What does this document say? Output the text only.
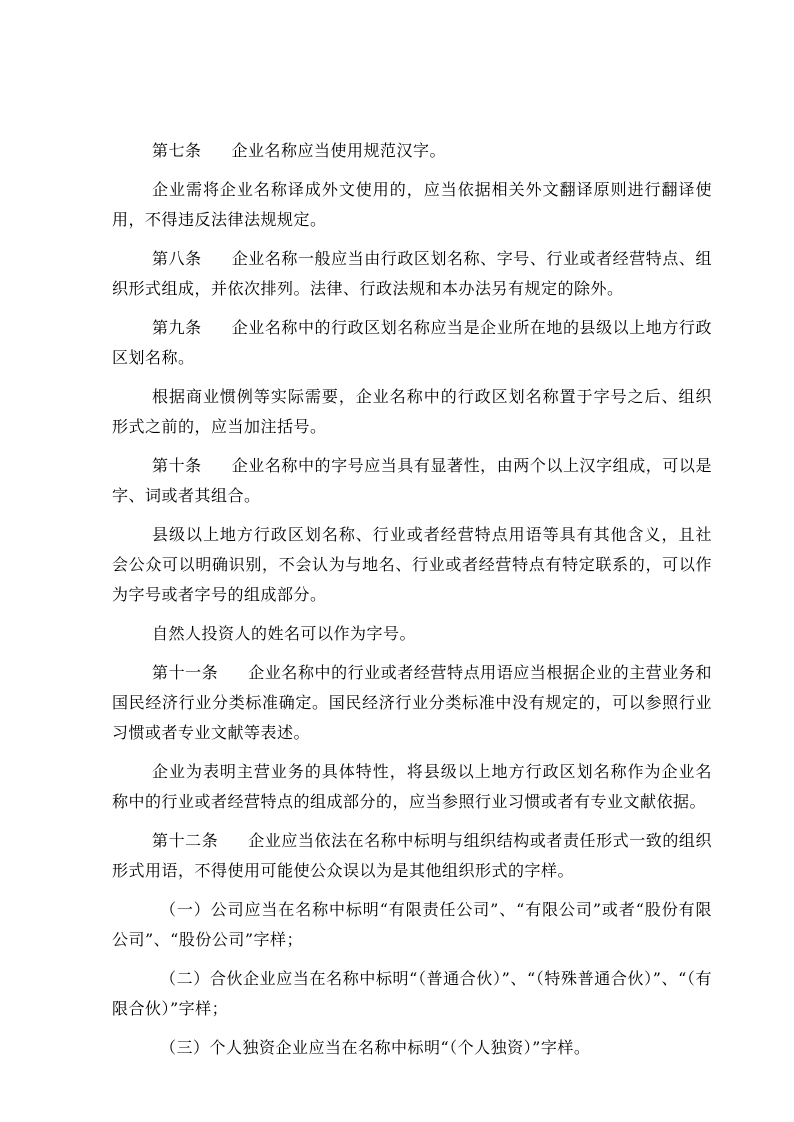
第七条 企业名称应当使用规范汉字。

企业需将企业名称译成外文使用的，应当依据相关外文翻译原则进行翻译使用，不得违反法律法规规定。

第八条 企业名称一般应当由行政区划名称、字号、行业或者经营特点、组织形式组成，并依次排列。法律、行政法规和本办法另有规定的除外。

第九条 企业名称中的行政区划名称应当是企业所在地的县级以上地方行政区划名称。

根据商业惯例等实际需要，企业名称中的行政区划名称置于字号之后、组织形式之前的，应当加注括号。

第十条 企业名称中的字号应当具有显著性，由两个以上汉字组成，可以是字、词或者其组合。

县级以上地方行政区划名称、行业或者经营特点用语等具有其他含义，且社会公众可以明确识别，不会认为与地名、行业或者经营特点有特定联系的，可以作为字号或者字号的组成部分。

自然人投资人的姓名可以作为字号。

第十一条 企业名称中的行业或者经营特点用语应当根据企业的主营业务和国民经济行业分类标准确定。国民经济行业分类标准中没有规定的，可以参照行业习惯或者专业文献等表述。

企业为表明主营业务的具体特性，将县级以上地方行政区划名称作为企业名称中的行业或者经营特点的组成部分的，应当参照行业习惯或者有专业文献依据。

第十二条 企业应当依法在名称中标明与组织结构或者责任形式一致的组织形式用语，不得使用可能使公众误以为是其他组织形式的字样。

（一）公司应当在名称中标明“有限责任公司”、“有限公司”或者“股份有限公司”、“股份公司”字样；

（二）合伙企业应当在名称中标明“（普通合伙）”、“（特殊普通合伙）”、“（有限合伙）”字样；

（三）个人独资企业应当在名称中标明“（个人独资）”字样。
